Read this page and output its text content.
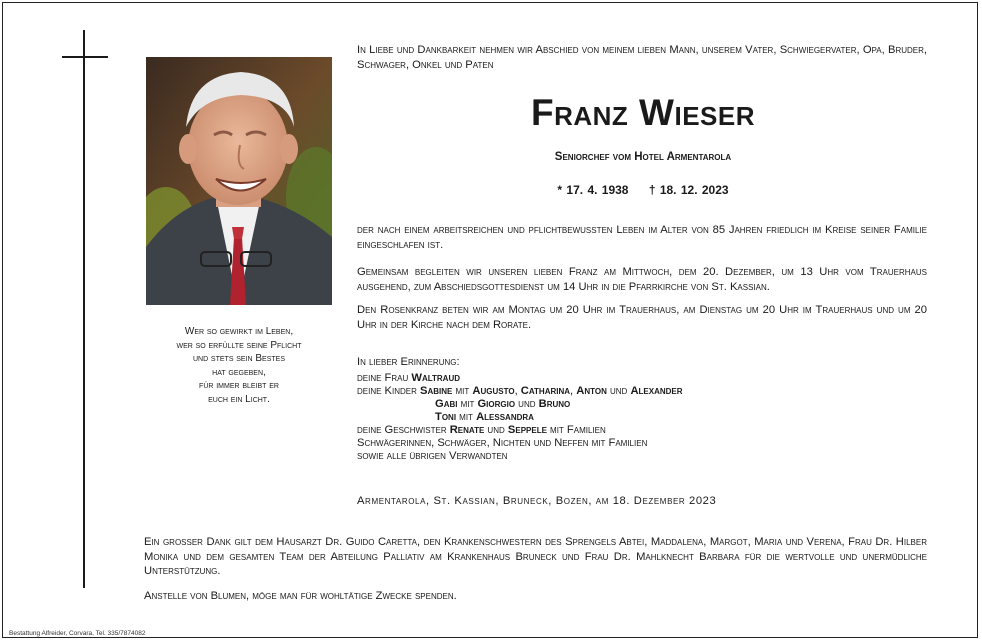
Wer so gewirkt im Leben,
wer so erfüllte seine Pflicht
und stets sein Bestes
hat gegeben,
für immer bleibt er
euch ein Licht.
In Liebe und Dankbarkeit nehmen wir Abschied von meinem lieben Mann, unserem Vater, Schwiegervater, Opa, Bruder, Schwager, Onkel und Paten
Franz Wieser
Seniorchef vom Hotel Armentarola
* 17. 4. 1938 † 18. 12. 2023
der nach einem arbeitsreichen und pflichtbewussten Leben im Alter von 85 Jahren friedlich im Kreise seiner Familie eingeschlafen ist.
Gemeinsam begleiten wir unseren lieben Franz am Mittwoch, dem 20. Dezember, um 13 Uhr vom Trauerhaus ausgehend, zum Abschiedsgottesdienst um 14 Uhr in die Pfarrkirche von St. Kassian.
Den Rosenkranz beten wir am Montag um 20 Uhr im Trauerhaus, am Dienstag um 20 Uhr im Trauerhaus und um 20 Uhr in der Kirche nach dem Rorate.
In lieber Erinnerung:
deine Frau Waltraud
deine Kinder Sabine mit Augusto, Catharina, Anton und Alexander
Gabi mit Giorgio und Bruno
Toni mit Alessandra
deine Geschwister Renate und Seppele mit Familien
Schwägerinnen, Schwäger, Nichten und Neffen mit Familien
sowie alle übrigen Verwandten
Armentarola, St. Kassian, Bruneck, Bozen, am 18. Dezember 2023
Ein großer Dank gilt dem Hausarzt Dr. Guido Caretta, den Krankenschwestern des Sprengels Abtei, Maddalena, Margot, Maria und Verena, Frau Dr. Hilber Monika und dem gesamten Team der Abteilung Palliativ am Krankenhaus Bruneck und Frau Dr. Mahlknecht Barbara für die wertvolle und unermüdliche Unterstützung.
Anstelle von Blumen, möge man für wohltätige Zwecke spenden.
Bestattung Alfreider, Corvara, Tel. 335/7874082
